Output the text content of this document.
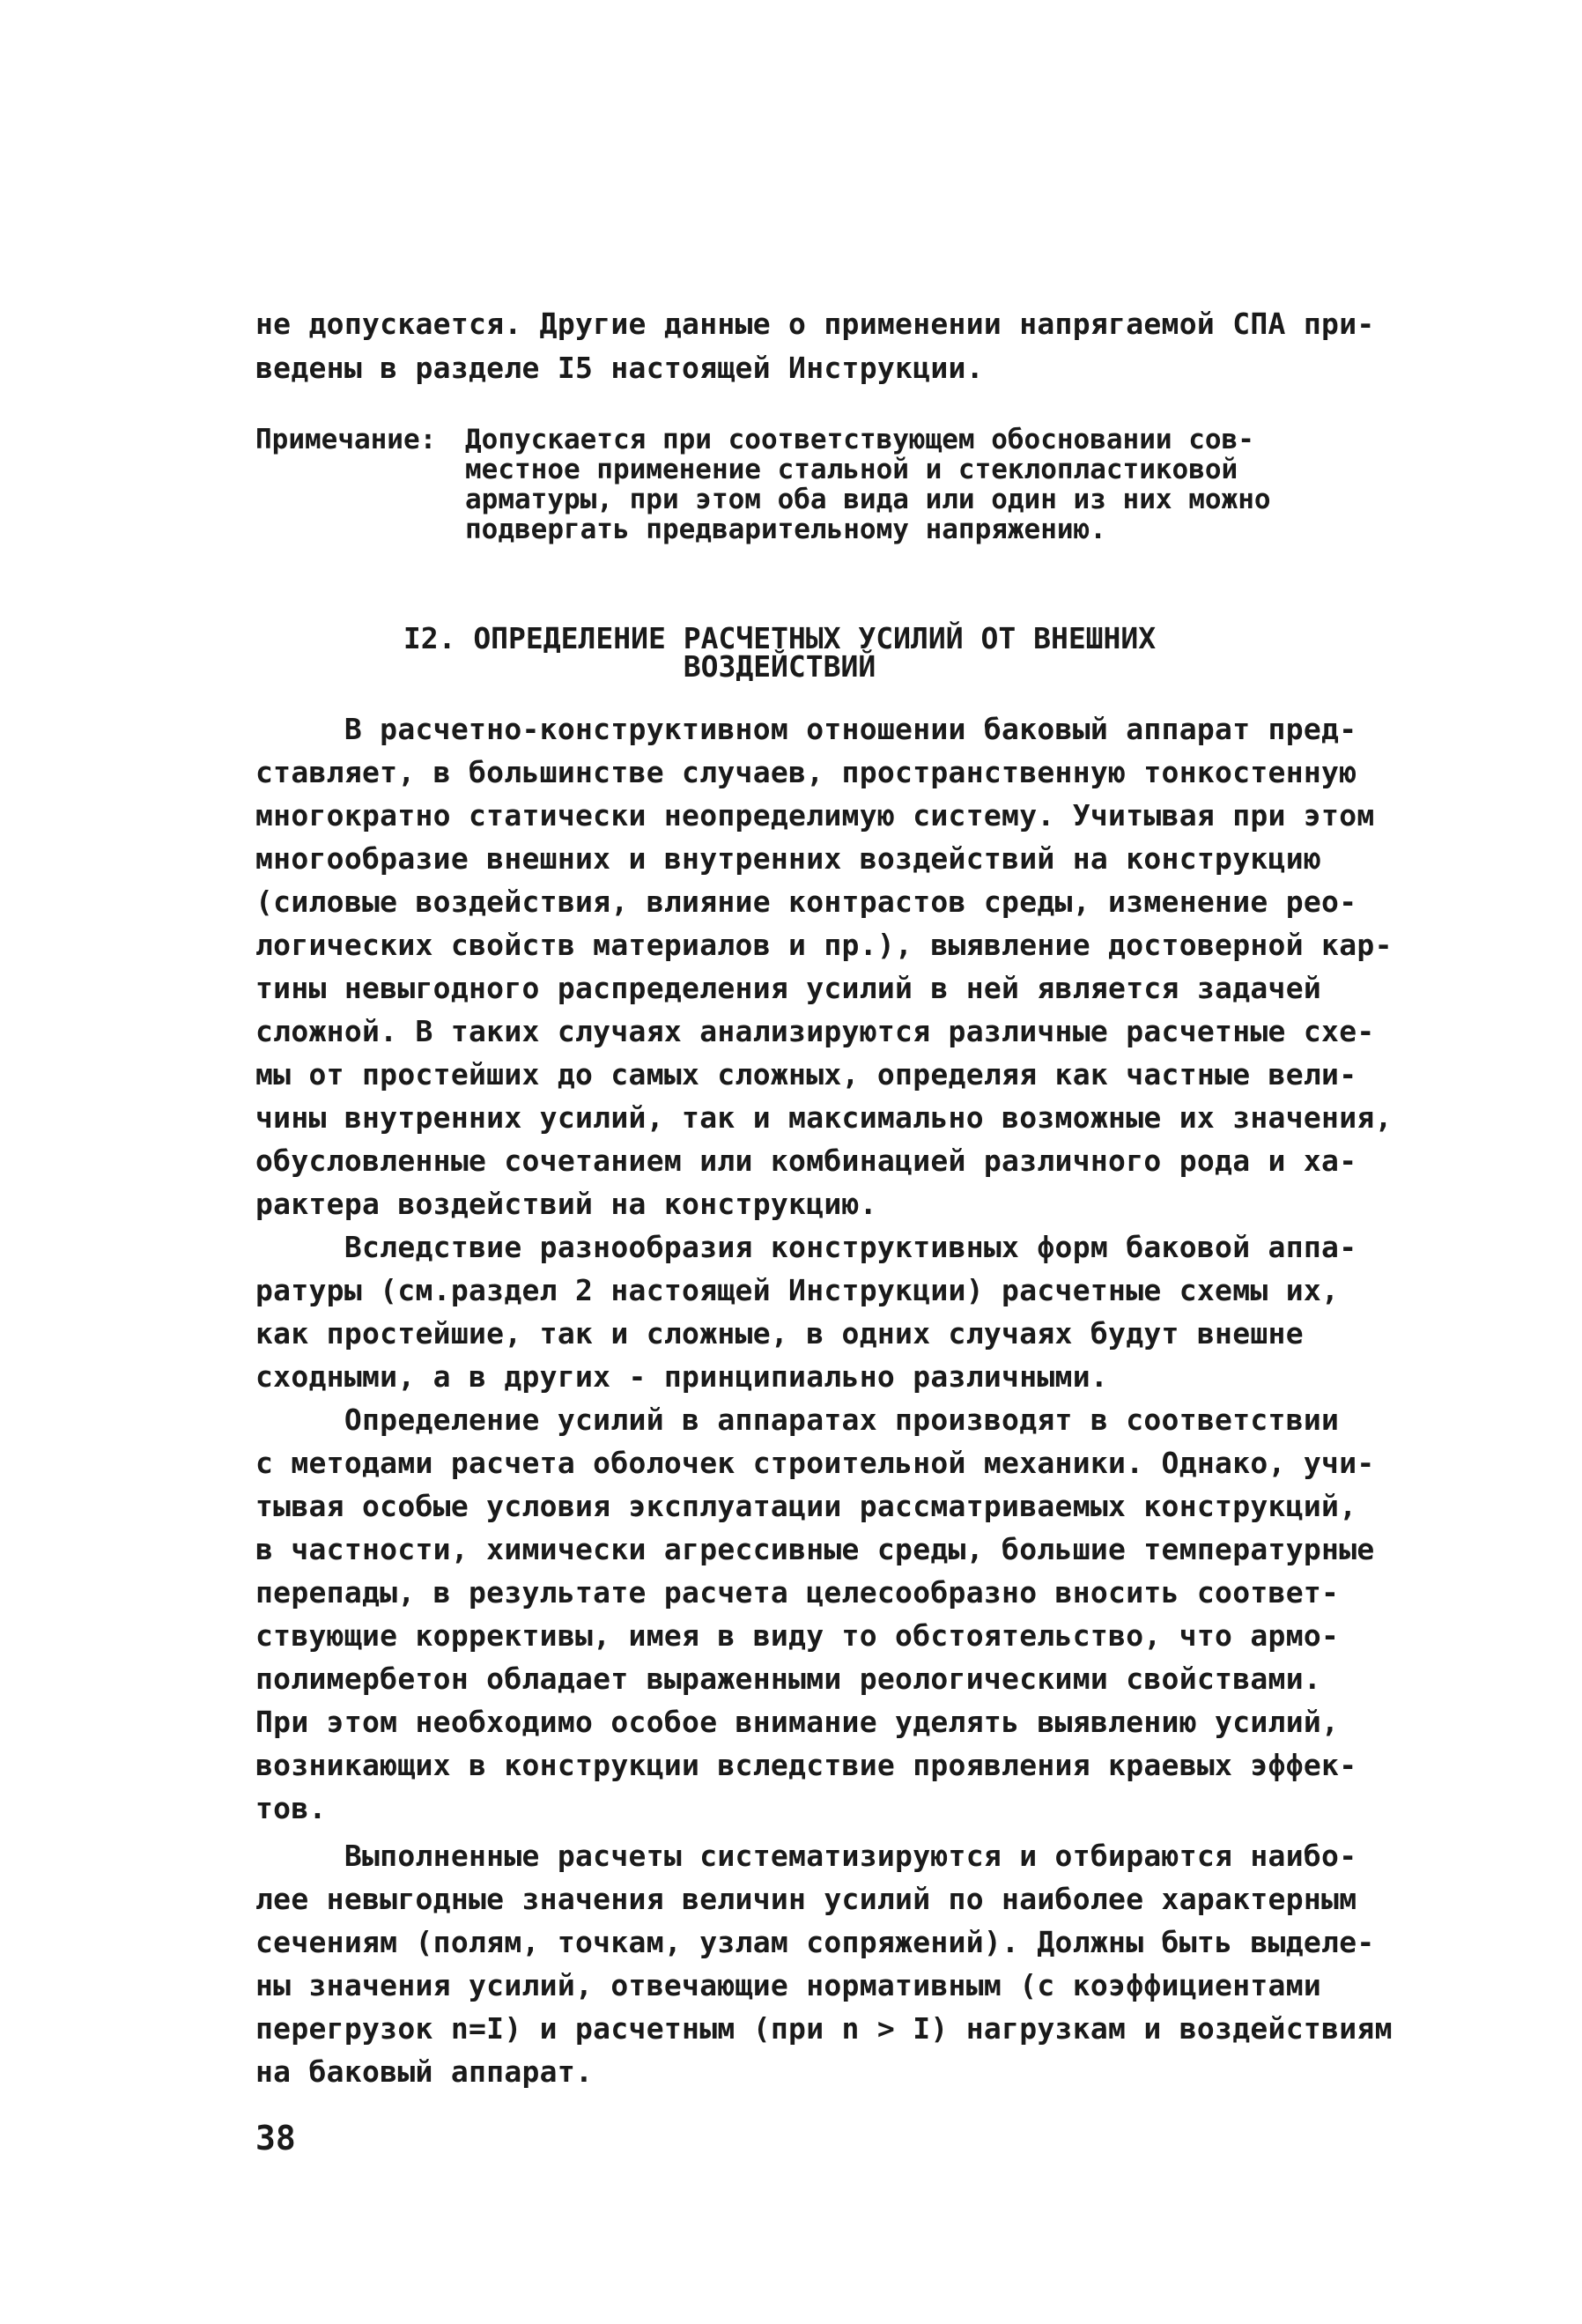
не допускается. Другие данные о применении напрягаемой СПА при-
ведены в разделе I5 настоящей Инструкции.
Примечание: Допускается при соответствующем обосновании сов-
местное применение стальной и стеклопластиковой
арматуры, при этом оба вида или один из них можно
подвергать предварительному напряжению.
I2. ОПРЕДЕЛЕНИЕ РАСЧЕТНЫХ УСИЛИЙ ОТ ВНЕШНИХ
ВОЗДЕЙСТВИЙ
В расчетно-конструктивном отношении баковый аппарат пред-
ставляет, в большинстве случаев, пространственную тонкостенную
многократно статически неопределимую систему. Учитывая при этом
многообразие внешних и внутренних воздействий на конструкцию
(силовые воздействия, влияние контрастов среды, изменение рео-
логических свойств материалов и пр.), выявление достоверной кар-
тины невыгодного распределения усилий в ней является задачей
сложной. В таких случаях анализируются различные расчетные схе-
мы от простейших до самых сложных, определяя как частные вели-
чины внутренних усилий, так и максимально возможные их значения,
обусловленные сочетанием или комбинацией различного рода и ха-
рактера воздействий на конструкцию.
Вследствие разнообразия конструктивных форм баковой аппа-
ратуры (см.раздел 2 настоящей Инструкции) расчетные схемы их,
как простейшие, так и сложные, в одних случаях будут внешне
сходными, а в других - принципиально различными.
Определение усилий в аппаратах производят в соответствии
с методами расчета оболочек строительной механики. Однако, учи-
тывая особые условия эксплуатации рассматриваемых конструкций,
в частности, химически агрессивные среды, большие температурные
перепады, в результате расчета целесообразно вносить соответ-
ствующие коррективы, имея в виду то обстоятельство, что армо-
полимербетон обладает выраженными реологическими свойствами.
При этом необходимо особое внимание уделять выявлению усилий,
возникающих в конструкции вследствие проявления краевых эффек-
тов.
Выполненные расчеты систематизируются и отбираются наибо-
лее невыгодные значения величин усилий по наиболее характерным
сечениям (полям, точкам, узлам сопряжений). Должны быть выделе-
ны значения усилий, отвечающие нормативным (с коэффициентами
перегрузок n=I) и расчетным (при n > I) нагрузкам и воздействиям
на баковый аппарат.
38
